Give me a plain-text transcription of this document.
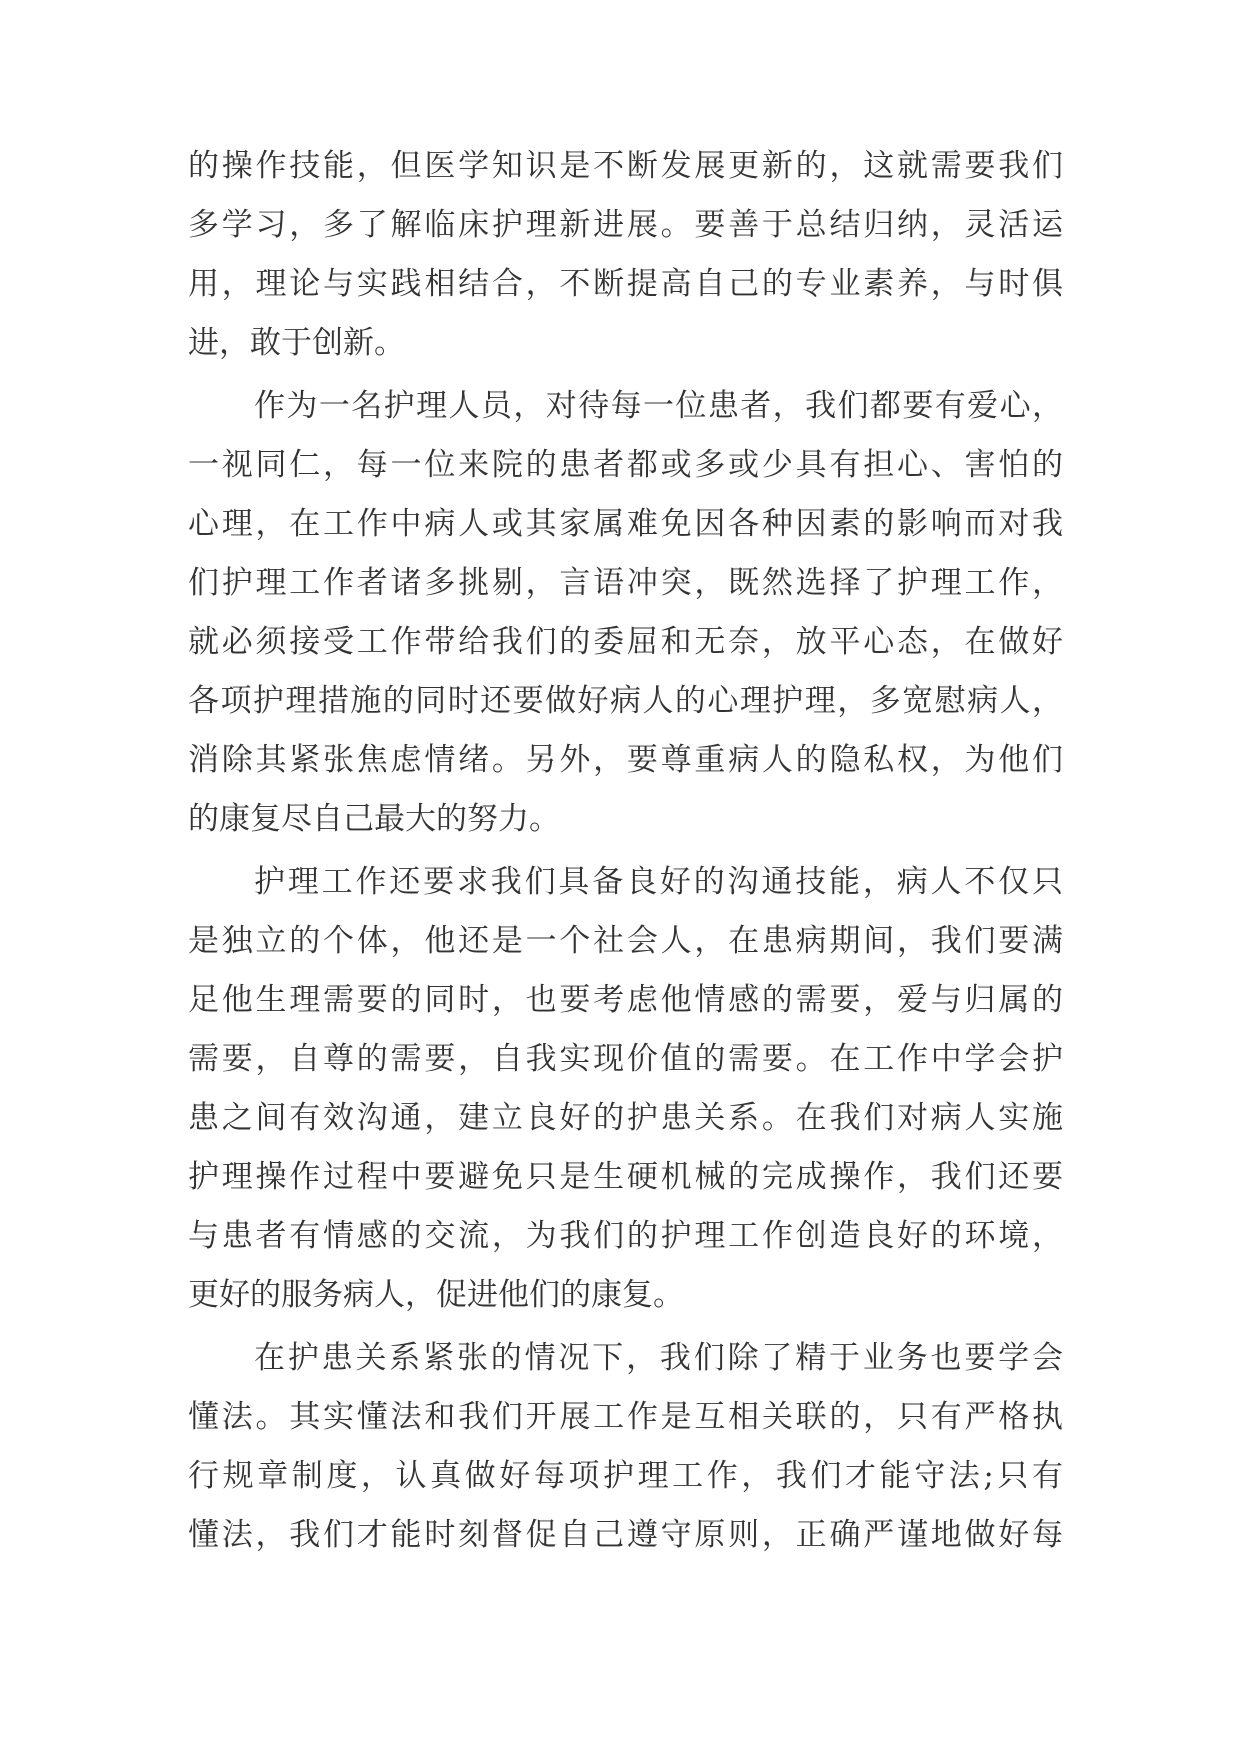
的操作技能，但医学知识是不断发展更新的，这就需要我们
多学习，多了解临床护理新进展。要善于总结归纳，灵活运
用，理论与实践相结合，不断提高自己的专业素养，与时俱
进，敢于创新。
作为一名护理人员，对待每一位患者，我们都要有爱心，
一视同仁，每一位来院的患者都或多或少具有担心、害怕的
心理，在工作中病人或其家属难免因各种因素的影响而对我
们护理工作者诸多挑剔，言语冲突，既然选择了护理工作，
就必须接受工作带给我们的委屈和无奈，放平心态，在做好
各项护理措施的同时还要做好病人的心理护理，多宽慰病人，
消除其紧张焦虑情绪。另外，要尊重病人的隐私权，为他们
的康复尽自己最大的努力。
护理工作还要求我们具备良好的沟通技能，病人不仅只
是独立的个体，他还是一个社会人，在患病期间，我们要满
足他生理需要的同时，也要考虑他情感的需要，爱与归属的
需要，自尊的需要，自我实现价值的需要。在工作中学会护
患之间有效沟通，建立良好的护患关系。在我们对病人实施
护理操作过程中要避免只是生硬机械的完成操作，我们还要
与患者有情感的交流，为我们的护理工作创造良好的环境，
更好的服务病人，促进他们的康复。
在护患关系紧张的情况下，我们除了精于业务也要学会
懂法。其实懂法和我们开展工作是互相关联的，只有严格执
行规章制度，认真做好每项护理工作，我们才能守法;只有
懂法，我们才能时刻督促自己遵守原则，正确严谨地做好每
